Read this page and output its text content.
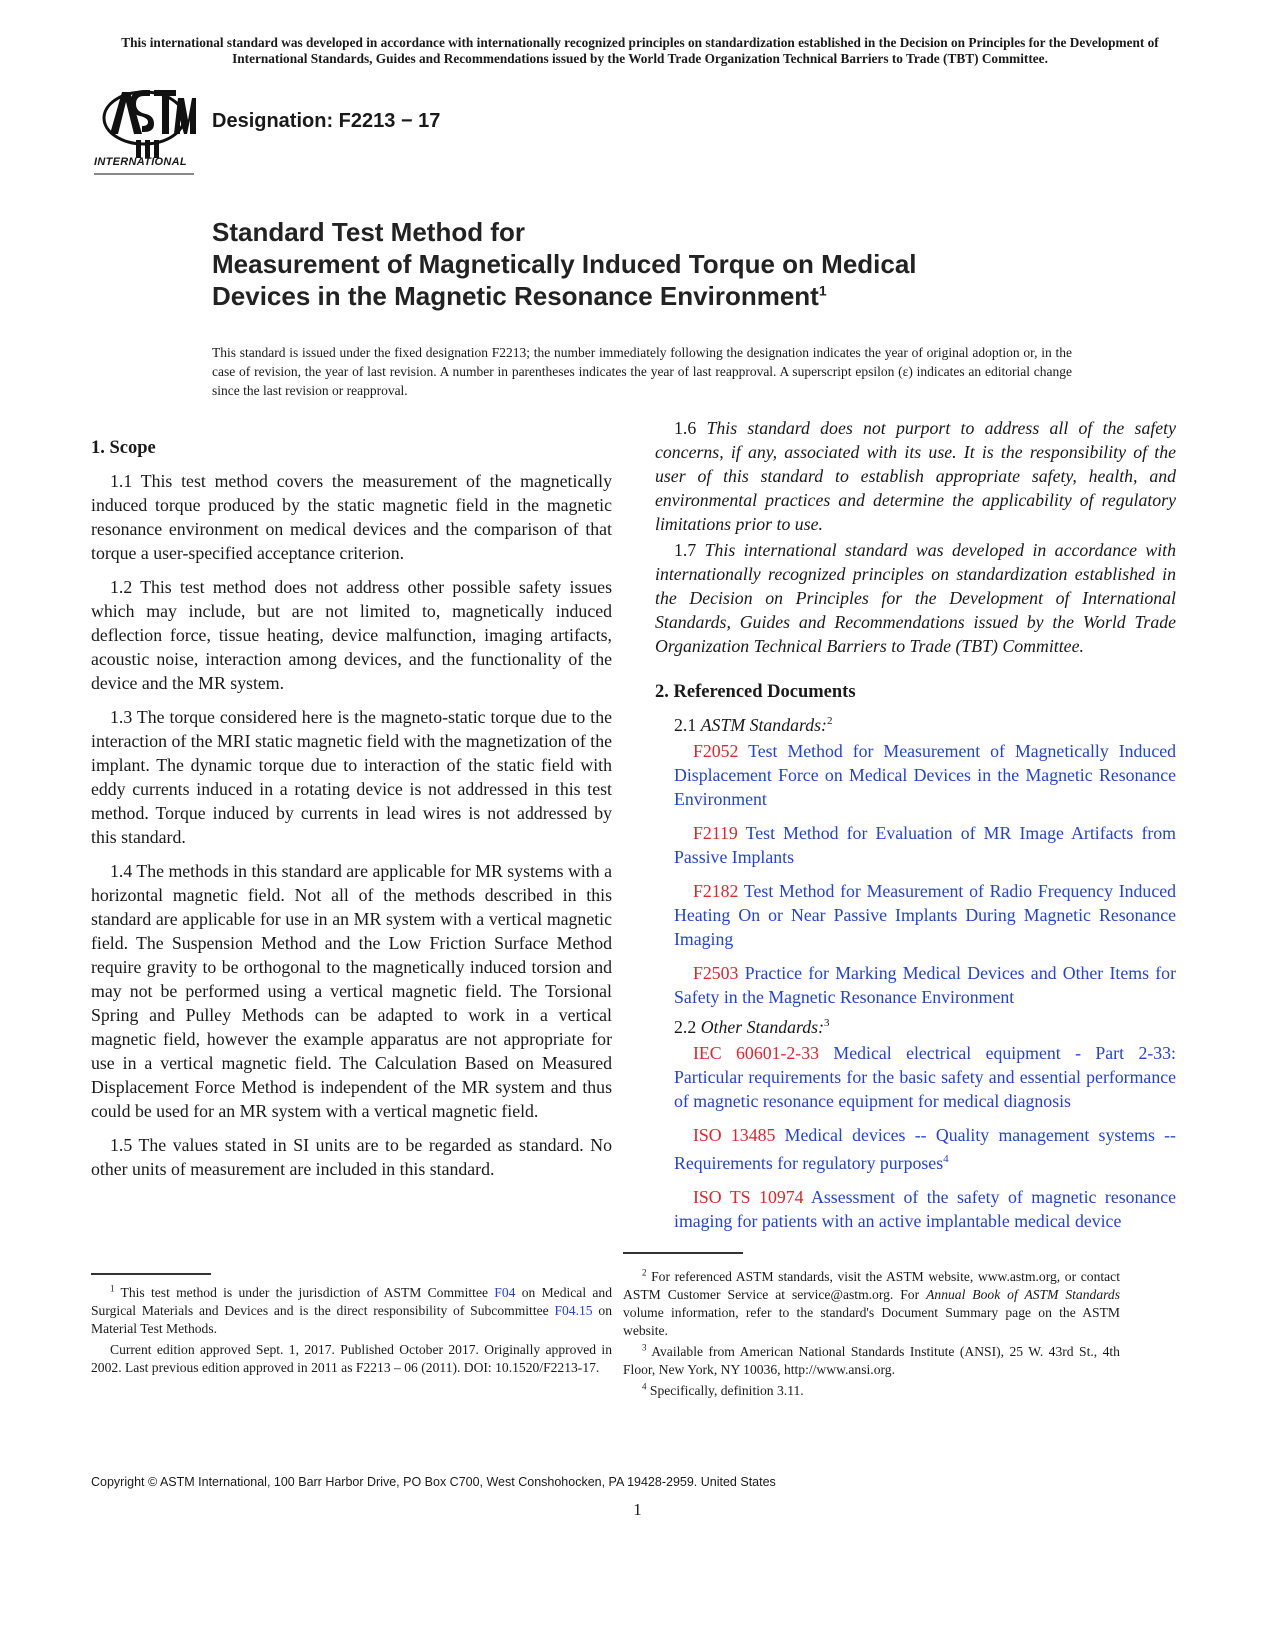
This international standard was developed in accordance with internationally recognized principles on standardization established in the Decision on Principles for the Development of International Standards, Guides and Recommendations issued by the World Trade Organization Technical Barriers to Trade (TBT) Committee.
INTERNATIONAL
Designation: F2213 − 17
Standard Test Method for
Measurement of Magnetically Induced Torque on Medical
Devices in the Magnetic Resonance Environment$^1$
This standard is issued under the fixed designation F2213; the number immediately following the designation indicates the year of original adoption or, in the case of revision, the year of last revision. A number in parentheses indicates the year of last reapproval. A superscript epsilon (ε) indicates an editorial change since the last revision or reapproval.
1. Scope

1.1 This test method covers the measurement of the magnetically induced torque produced by the static magnetic field in the magnetic resonance environment on medical devices and the comparison of that torque a user-specified acceptance criterion.

1.2 This test method does not address other possible safety issues which may include, but are not limited to, magnetically induced deflection force, tissue heating, device malfunction, imaging artifacts, acoustic noise, interaction among devices, and the functionality of the device and the MR system.

1.3 The torque considered here is the magneto-static torque due to the interaction of the MRI static magnetic field with the magnetization of the implant. The dynamic torque due to interaction of the static field with eddy currents induced in a rotating device is not addressed in this test method. Torque induced by currents in lead wires is not addressed by this standard.

1.4 The methods in this standard are applicable for MR systems with a horizontal magnetic field. Not all of the methods described in this standard are applicable for use in an MR system with a vertical magnetic field. The Suspension Method and the Low Friction Surface Method require gravity to be orthogonal to the magnetically induced torsion and may not be performed using a vertical magnetic field. The Torsional Spring and Pulley Methods can be adapted to work in a vertical magnetic field, however the example apparatus are not appropriate for use in a vertical magnetic field. The Calculation Based on Measured Displacement Force Method is independent of the MR system and thus could be used for an MR system with a vertical magnetic field.

1.5 The values stated in SI units are to be regarded as standard. No other units of measurement are included in this standard.

1.6 This standard does not purport to address all of the safety concerns, if any, associated with its use. It is the responsibility of the user of this standard to establish appropriate safety, health, and environmental practices and determine the applicability of regulatory limitations prior to use.

1.7 This international standard was developed in accordance with internationally recognized principles on standardization established in the Decision on Principles for the Development of International Standards, Guides and Recommendations issued by the World Trade Organization Technical Barriers to Trade (TBT) Committee.

2. Referenced Documents
2.1 ASTM Standards:$^2$

F2052 Test Method for Measurement of Magnetically Induced Displacement Force on Medical Devices in the Magnetic Resonance Environment

F2119 Test Method for Evaluation of MR Image Artifacts from Passive Implants

F2182 Test Method for Measurement of Radio Frequency Induced Heating On or Near Passive Implants During Magnetic Resonance Imaging

F2503 Practice for Marking Medical Devices and Other Items for Safety in the Magnetic Resonance Environment

2.2 Other Standards:$^3$

IEC 60601-2-33 Medical electrical equipment - Part 2-33: Particular requirements for the basic safety and essential performance of magnetic resonance equipment for medical diagnosis

ISO 13485 Medical devices -- Quality management systems -- Requirements for regulatory purposes$^4$

ISO TS 10974 Assessment of the safety of magnetic resonance imaging for patients with an active implantable medical device

$^1$ This test method is under the jurisdiction of ASTM Committee F04 on Medical and Surgical Materials and Devices and is the direct responsibility of Subcommittee F04.15 on Material Test Methods.

Current edition approved Sept. 1, 2017. Published October 2017. Originally approved in 2002. Last previous edition approved in 2011 as F2213 – 06 (2011). DOI: 10.1520/F2213-17.

$^2$ For referenced ASTM standards, visit the ASTM website, www.astm.org, or contact ASTM Customer Service at service@astm.org. For Annual Book of ASTM Standards volume information, refer to the standard's Document Summary page on the ASTM website.

$^3$ Available from American National Standards Institute (ANSI), 25 W. 43rd St., 4th Floor, New York, NY 10036, http://www.ansi.org.

$^4$ Specifically, definition 3.11.

Copyright © ASTM International, 100 Barr Harbor Drive, PO Box C700, West Conshohocken, PA 19428-2959. United States
1
